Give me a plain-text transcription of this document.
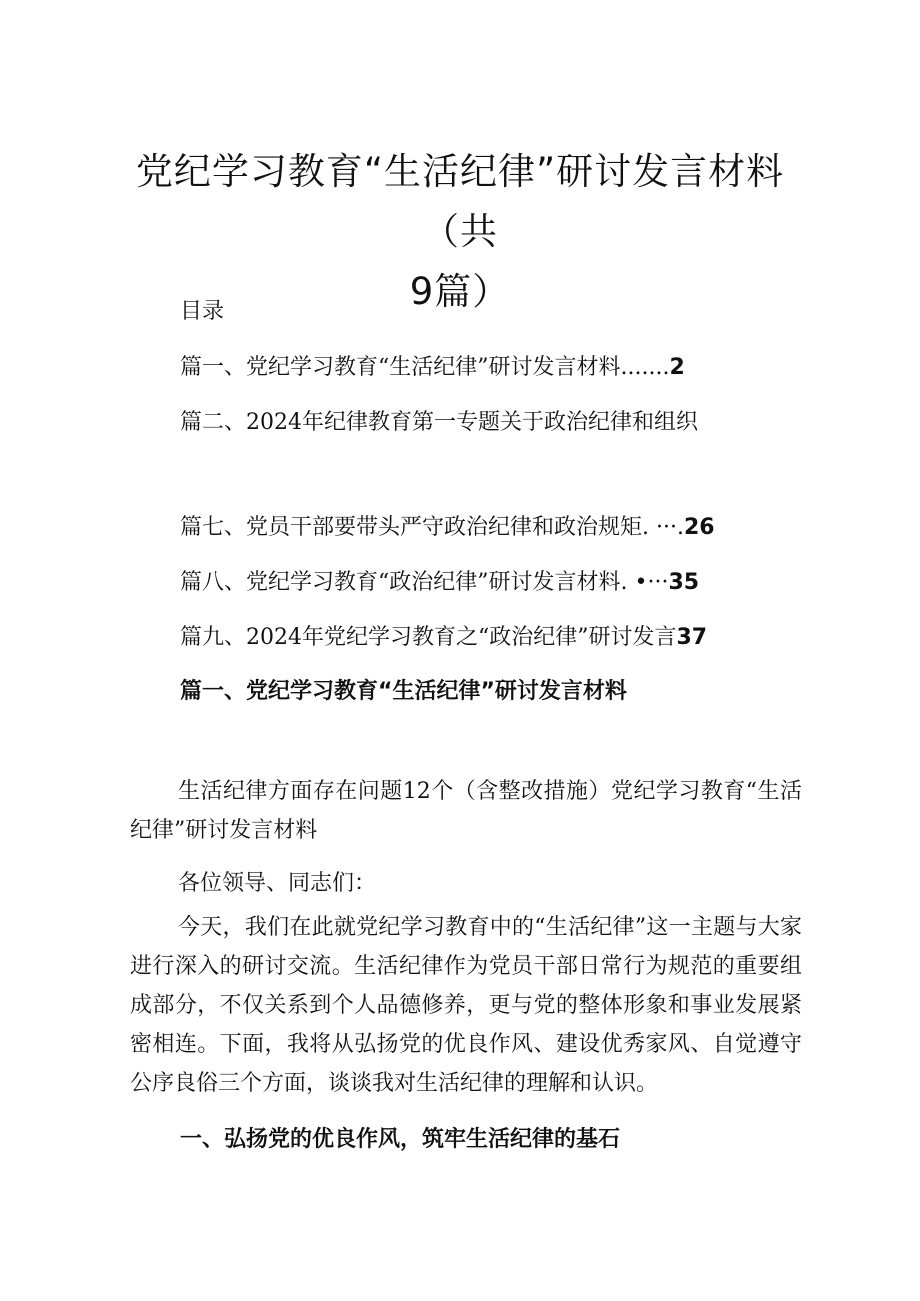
党纪学习教育“生活纪律”研讨发言材料（共
9篇）
目录
篇一、党纪学习教育“生活纪律”研讨发言材料.......2
篇二、2024年纪律教育第一专题关于政治纪律和组织
篇七、党员干部要带头严守政治纪律和政治规矩. ···.26
篇八、党纪学习教育“政治纪律”研讨发言材料. •···35
篇九、2024年党纪学习教育之“政治纪律”研讨发言37
篇一、党纪学习教育“生活纪律”研讨发言材料

生活纪律方面存在问题12个（含整改措施）党纪学习教育“生活纪律”研讨发言材料

各位领导、同志们：

今天，我们在此就党纪学习教育中的“生活纪律”这一主题与大家进行深入的研讨交流。生活纪律作为党员干部日常行为规范的重要组成部分，不仅关系到个人品德修养，更与党的整体形象和事业发展紧密相连。下面，我将从弘扬党的优良作风、建设优秀家风、自觉遵守公序良俗三个方面，谈谈我对生活纪律的理解和认识。

一、弘扬党的优良作风，筑牢生活纪律的基石
